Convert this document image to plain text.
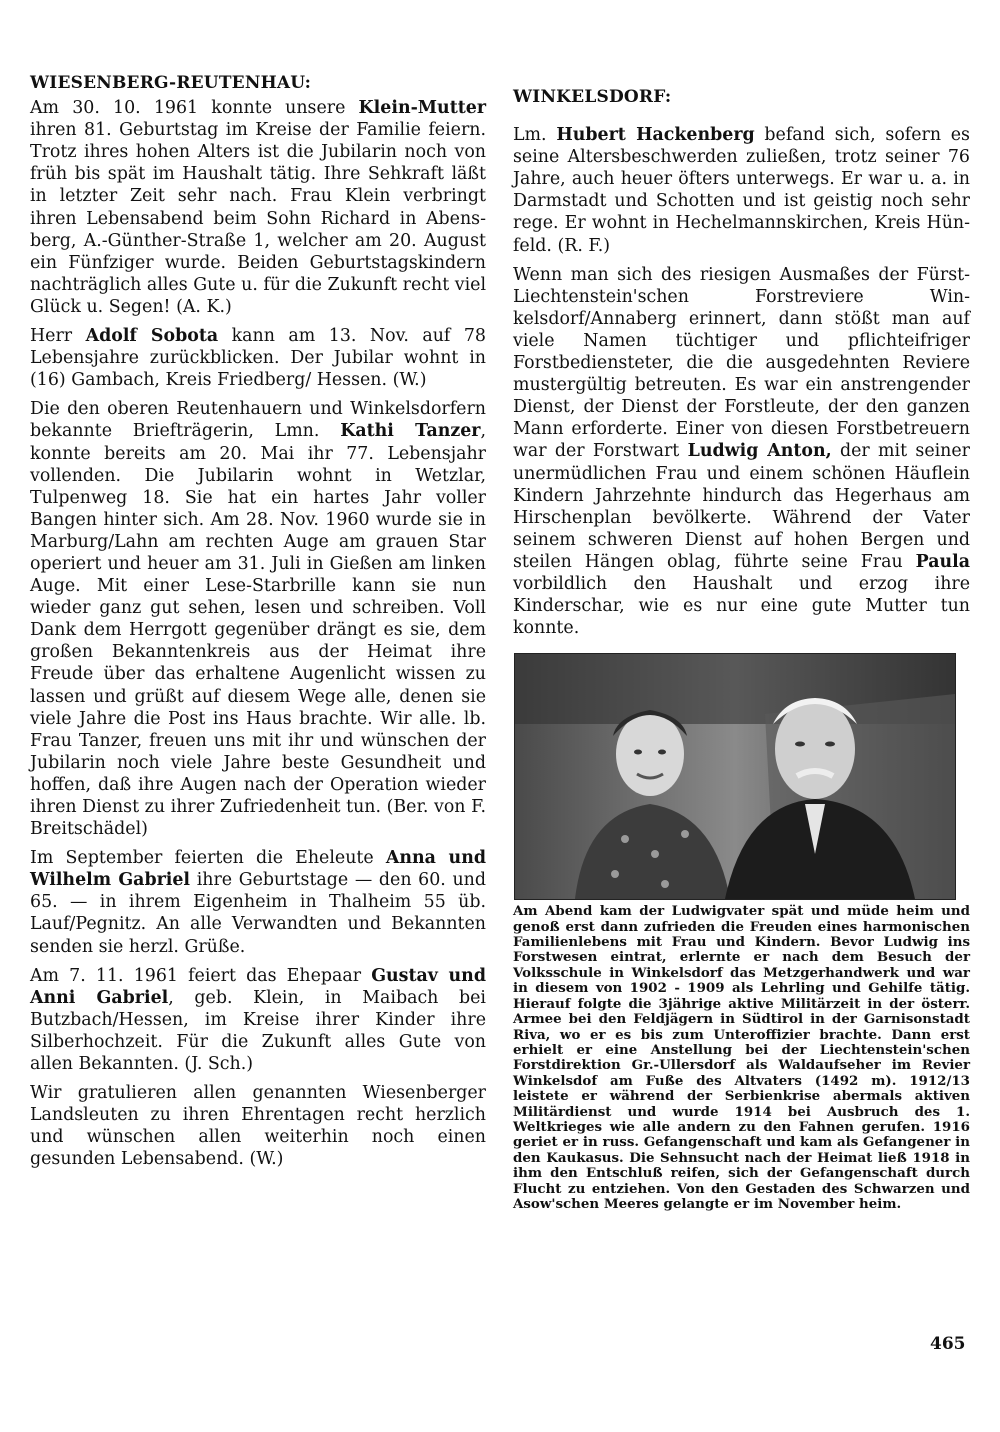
WIESENBERG-REUTENHAU:

Am 30. 10. 1961 konnte unsere Klein-Mutter ihren 81. Geburtstag im Kreise der Familie feiern. Trotz ihres hohen Alters ist die Jubilarin noch von früh bis spät im Haushalt tätig. Ihre Sehkraft läßt in letzter Zeit sehr nach. Frau Klein verbringt ihren Lebensabend beim Sohn Richard in Abensberg, A.-Günther-Straße 1, welcher am 20. August ein Fünfziger wurde. Beiden Geburtstagskindern nachträglich alles Gute u. für die Zukunft recht viel Glück u. Segen! (A. K.)

Herr Adolf Sobota kann am 13. Nov. auf 78 Lebensjahre zurückblicken. Der Jubilar wohnt in (16) Gambach, Kreis Friedberg/ Hessen. (W.)

Die den oberen Reutenhauern und Winkelsdorfern bekannte Briefträgerin, Lmn. Kathi Tanzer, konnte bereits am 20. Mai ihr 77. Lebensjahr vollenden. Die Jubilarin wohnt in Wetzlar, Tulpenweg 18. Sie hat ein hartes Jahr voller Bangen hinter sich. Am 28. Nov. 1960 wurde sie in Marburg/Lahn am rechten Auge am grauen Star operiert und heuer am 31. Juli in Gießen am linken Auge. Mit einer Lese-Starbrille kann sie nun wieder ganz gut sehen, lesen und schreiben. Voll Dank dem Herrgott gegenüber drängt es sie, dem großen Bekanntenkreis aus der Heimat ihre Freude über das erhaltene Augenlicht wissen zu lassen und grüßt auf diesem Wege alle, denen sie viele Jahre die Post ins Haus brachte. Wir alle. lb. Frau Tanzer, freuen uns mit ihr und wünschen der Jubilarin noch viele Jahre beste Gesundheit und hoffen, daß ihre Augen nach der Operation wieder ihren Dienst zu ihrer Zufriedenheit tun. (Ber. von F. Breitschädel)

Im September feierten die Eheleute Anna und Wilhelm Gabriel ihre Geburtstage — den 60. und 65. — in ihrem Eigenheim in Thalheim 55 üb. Lauf/Pegnitz. An alle Verwandten und Bekannten senden sie herzl. Grüße.

Am 7. 11. 1961 feiert das Ehepaar Gustav und Anni Gabriel, geb. Klein, in Maibach bei Butzbach/Hessen, im Kreise ihrer Kinder ihre Silberhochzeit. Für die Zukunft alles Gute von allen Bekannten. (J. Sch.)

Wir gratulieren allen genannten Wiesenberger Landsleuten zu ihren Ehrentagen recht herzlich und wünschen allen weiterhin noch einen gesunden Lebensabend. (W.)

WINKELSDORF:

Lm. Hubert Hackenberg befand sich, sofern es seine Altersbeschwerden zuließen, trotz seiner 76 Jahre, auch heuer öfters unterwegs. Er war u. a. in Darmstadt und Schotten und ist geistig noch sehr rege. Er wohnt in Hechelmannskirchen, Kreis Hünfeld. (R. F.)

Wenn man sich des riesigen Ausmaßes der Fürst-Liechtenstein'schen Forstreviere Winkelsdorf/Annaberg erinnert, dann stößt man auf viele Namen tüchtiger und pflichteifriger Forstbediensteter, die die ausgedehnten Reviere mustergültig betreuten. Es war ein anstrengender Dienst, der Dienst der Forstleute, der den ganzen Mann erforderte. Einer von diesen Forstbetreuern war der Forstwart Ludwig Anton, der mit seiner unermüdlichen Frau und einem schönen Häuflein Kindern Jahrzehnte hindurch das Hegerhaus am Hirschenplan bevölkerte. Während der Vater seinem schweren Dienst auf hohen Bergen und steilen Hängen oblag, führte seine Frau Paula vorbildlich den Haushalt und erzog ihre Kinderschar, wie es nur eine gute Mutter tun konnte.

Am Abend kam der Ludwigvater spät und müde heim und genoß erst dann zufrieden die Freuden eines harmonischen Familienlebens mit Frau und Kindern. Bevor Ludwig ins Forstwesen eintrat, erlernte er nach dem Besuch der Volksschule in Winkelsdorf das Metzgerhandwerk und war in diesem von 1902 - 1909 als Lehrling und Gehilfe tätig. Hierauf folgte die 3jährige aktive Militärzeit in der österr. Armee bei den Feldjägern in Südtirol in der Garnisonstadt Riva, wo er es bis zum Unteroffizier brachte. Dann erst erhielt er eine Anstellung bei der Liechtenstein'schen Forstdirektion Gr.-Ullersdorf als Waldaufseher im Revier Winkelsdof am Fuße des Altvaters (1492 m). 1912/13 leistete er während der Serbienkrise abermals aktiven Militärdienst und wurde 1914 bei Ausbruch des 1. Weltkrieges wie alle andern zu den Fahnen gerufen. 1916 geriet er in russ. Gefangenschaft und kam als Gefangener in den Kaukasus. Die Sehnsucht nach der Heimat ließ 1918 in ihm den Entschluß reifen, sich der Gefangenschaft durch Flucht zu entziehen. Von den Gestaden des Schwarzen und Asow'schen Meeres gelangte er im November heim.
465
